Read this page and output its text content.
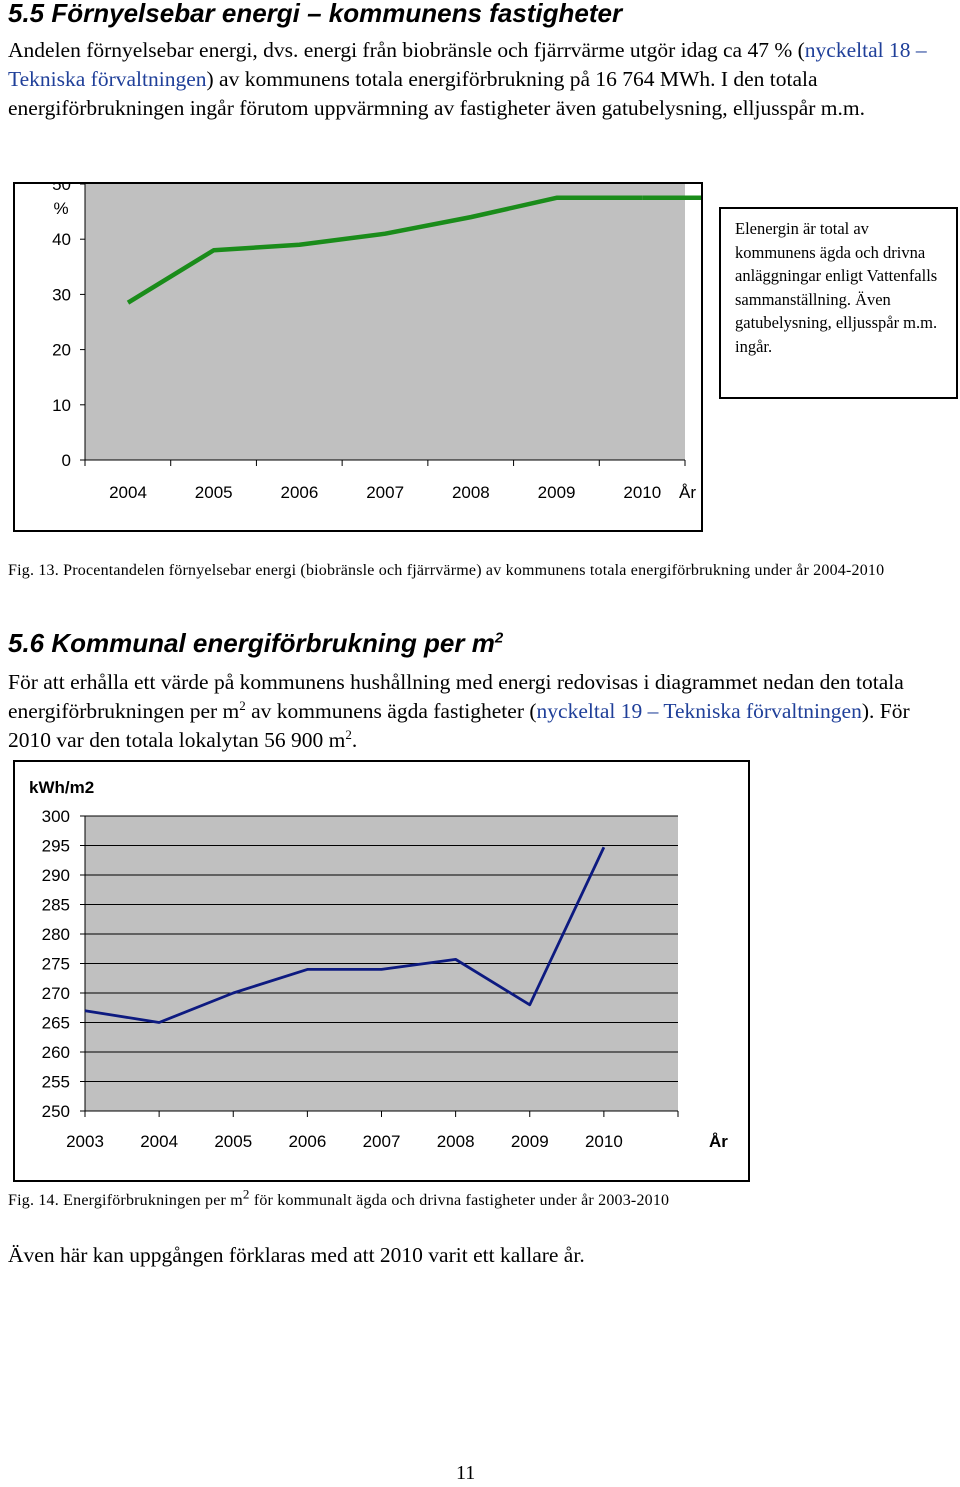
5.5 Förnyelsebar energi – kommunens fastigheter

Andelen förnyelsebar energi, dvs. energi från biobränsle och fjärrvärme utgör idag ca 47 % (nyckeltal 18 – Tekniska förvaltningen) av kommunens totala energiförbrukning på 16 764 MWh. I den totala energiförbrukningen ingår förutom uppvärmning av fastigheter även gatubelysning, elljusspår m.m.

0
10
20
30
40
50
2004	2005	2006	2007	2008	2009	2010
%
År
Elenergin är total av kommunens ägda och drivna anläggningar enligt Vattenfalls sammanställning. Även gatubelysning, elljusspår m.m. ingår.

Fig. 13. Procentandelen förnyelsebar energi (biobränsle och fjärrvärme) av kommunens totala energiförbrukning under år 2004-2010

5.6 Kommunal energiförbrukning per $m^2$

För att erhålla ett värde på kommunens hushållning med energi redovisas i diagrammet nedan den totala energiförbrukningen per $m^2$ av kommunens ägda fastigheter (nyckeltal 19 – Tekniska förvaltningen). För 2010 var den totala lokalytan 56 900 $m^2$.

250
255
260
265
270
275
280
285
290
295
300
2003 2004 2005 2006 2007 2008 2009 2010
kWh/m2
År

Fig. 14. Energiförbrukningen per $m^2$ för kommunalt ägda och drivna fastigheter under år 2003-2010

Även här kan uppgången förklaras med att 2010 varit ett kallare år.

11
